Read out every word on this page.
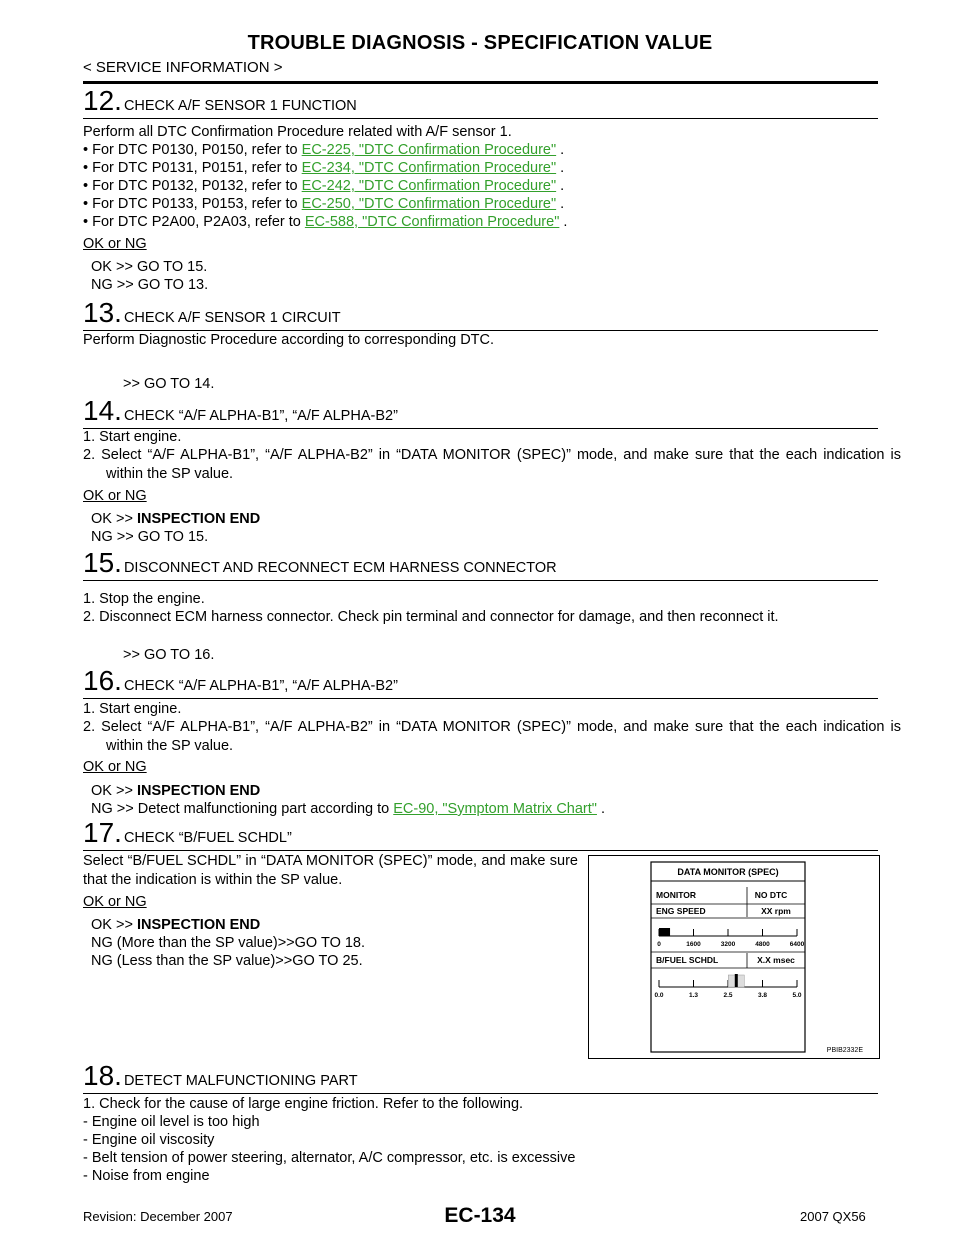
TROUBLE DIAGNOSIS - SPECIFICATION VALUE
< SERVICE INFORMATION >
12. CHECK A/F SENSOR 1 FUNCTION
Perform all DTC Confirmation Procedure related with A/F sensor 1.
• For DTC P0130, P0150, refer to EC-225, "DTC Confirmation Procedure" .
• For DTC P0131, P0151, refer to EC-234, "DTC Confirmation Procedure" .
• For DTC P0132, P0132, refer to EC-242, "DTC Confirmation Procedure" .
• For DTC P0133, P0153, refer to EC-250, "DTC Confirmation Procedure" .
• For DTC P2A00, P2A03, refer to EC-588, "DTC Confirmation Procedure" .
OK or NG
OK >> GO TO 15.
NG >> GO TO 13.
13. CHECK A/F SENSOR 1 CIRCUIT
Perform Diagnostic Procedure according to corresponding DTC.
>> GO TO 14.
14. CHECK “A/F ALPHA-B1”, “A/F ALPHA-B2”
1. Start engine.
2. Select “A/F ALPHA-B1”, “A/F ALPHA-B2” in “DATA MONITOR (SPEC)” mode, and make sure that the each indication is within the SP value.
OK or NG
OK >> INSPECTION END
NG >> GO TO 15.
15. DISCONNECT AND RECONNECT ECM HARNESS CONNECTOR
1. Stop the engine.
2. Disconnect ECM harness connector. Check pin terminal and connector for damage, and then reconnect it.
>> GO TO 16.
16. CHECK “A/F ALPHA-B1”, “A/F ALPHA-B2”
1. Start engine.
2. Select “A/F ALPHA-B1”, “A/F ALPHA-B2” in “DATA MONITOR (SPEC)” mode, and make sure that the each indication is within the SP value.
OK or NG
OK >> INSPECTION END
NG >> Detect malfunctioning part according to EC-90, "Symptom Matrix Chart" .
17. CHECK “B/FUEL SCHDL”
Select “B/FUEL SCHDL” in “DATA MONITOR (SPEC)” mode, and make sure that the indication is within the SP value.
OK or NG
OK >> INSPECTION END
NG (More than the SP value)>>GO TO 18.
NG (Less than the SP value)>>GO TO 25.
DATA MONITOR (SPEC)
MONITOR	NO DTC
ENG SPEED	XX rpm
0	1600	3200	4800	6400
B/FUEL SCHDL	X.X msec
0.0	1.3	2.5	3.8	5.0
PBIB2332E
18. DETECT MALFUNCTIONING PART
1. Check for the cause of large engine friction. Refer to the following.
- Engine oil level is too high
- Engine oil viscosity
- Belt tension of power steering, alternator, A/C compressor, etc. is excessive
- Noise from engine
Revision: December 2007	EC-134	2007 QX56
